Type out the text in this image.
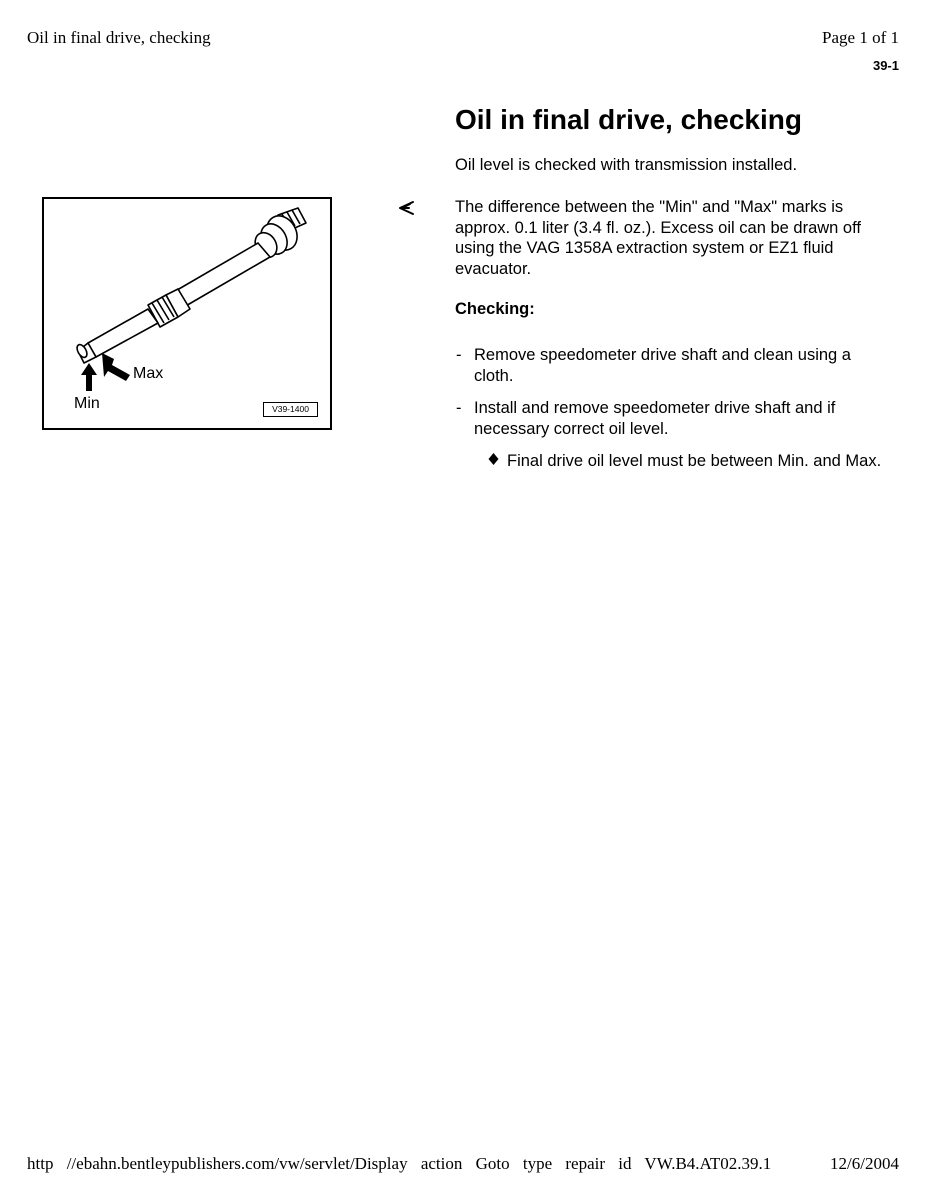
Oil in final drive, checking	Page 1 of 1
39-1
Oil in final drive, checking
Oil level is checked with transmission installed.
The difference between the "Min" and "Max" marks is approx. 0.1 liter (3.4 fl. oz.). Excess oil can be drawn off using the VAG 1358A extraction system or EZ1 fluid evacuator.
Checking:
- Remove speedometer drive shaft and clean using a cloth.
- Install and remove speedometer drive shaft and if necessary correct oil level.
Final drive oil level must be between Min. and Max.
Max
Min	V39-1400
http //ebahn.bentleypublishers.com/vw/servlet/Display action Goto type repair id VW.B4.AT02.39.1	12/6/2004
